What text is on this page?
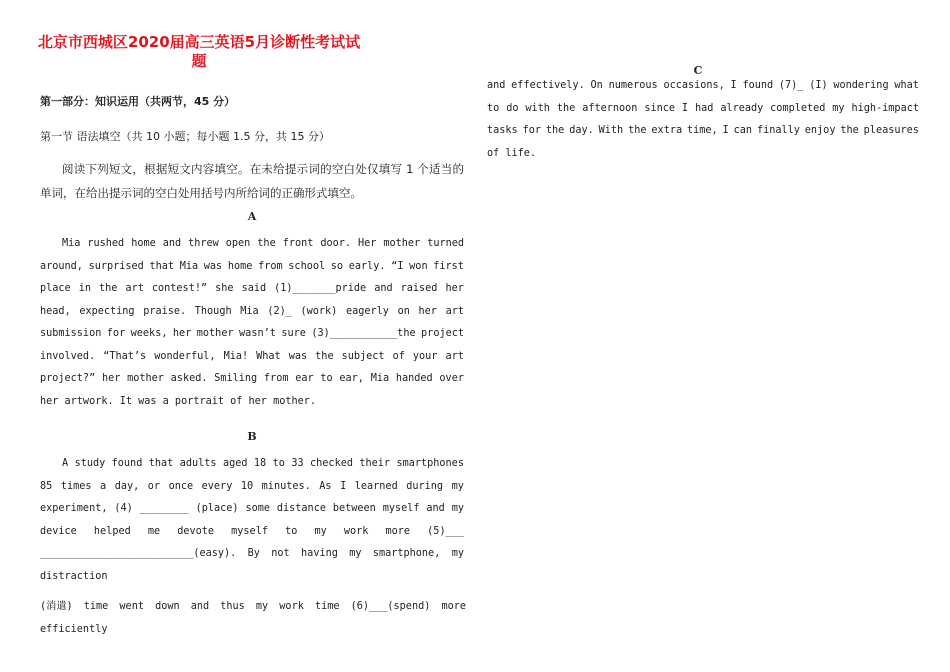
北京市西城区2020届高三英语5月诊断性考试试
题
第一部分：知识运用（共两节，45 分）
第一节 语法填空（共 10 小题；每小题 1.5 分，共 15 分）
阅读下列短文，根据短文内容填空。在未给提示词的空白处仅填写 1 个适当的单词，在给出提示词的空白处用括号内所给词的正确形式填空。
A
Mia rushed home and threw open the front door. Her mother turned
around, surprised that Mia was home from school so early. “I won first
place in the art contest!” she said (1)_______pride and raised her
head, expecting praise. Though Mia (2)_ (work) eagerly on her art
submission for weeks, her mother wasn’t sure (3)___________the project
involved. “That’s wonderful, Mia! What was the subject of your art
project?” her mother asked. Smiling from ear to ear, Mia handed over
her artwork. It was a portrait of her mother.
B
A study found that adults aged 18 to 33 checked their smartphones
85 times a day, or once every 10 minutes. As I learned during my
experiment, (4) ________ (place) some distance between myself and my
device helped me devote myself to my work more (5)___
_________________________(easy). By not having my smartphone, my
distraction
(消遣) time went down and thus my work time (6)___(spend) more
efficiently
C
and effectively. On numerous occasions, I found (7)_ (I) wondering what
to do with the afternoon since I had already completed my high-impact
tasks for the day. With the extra time, I can finally enjoy the pleasures
of life.
